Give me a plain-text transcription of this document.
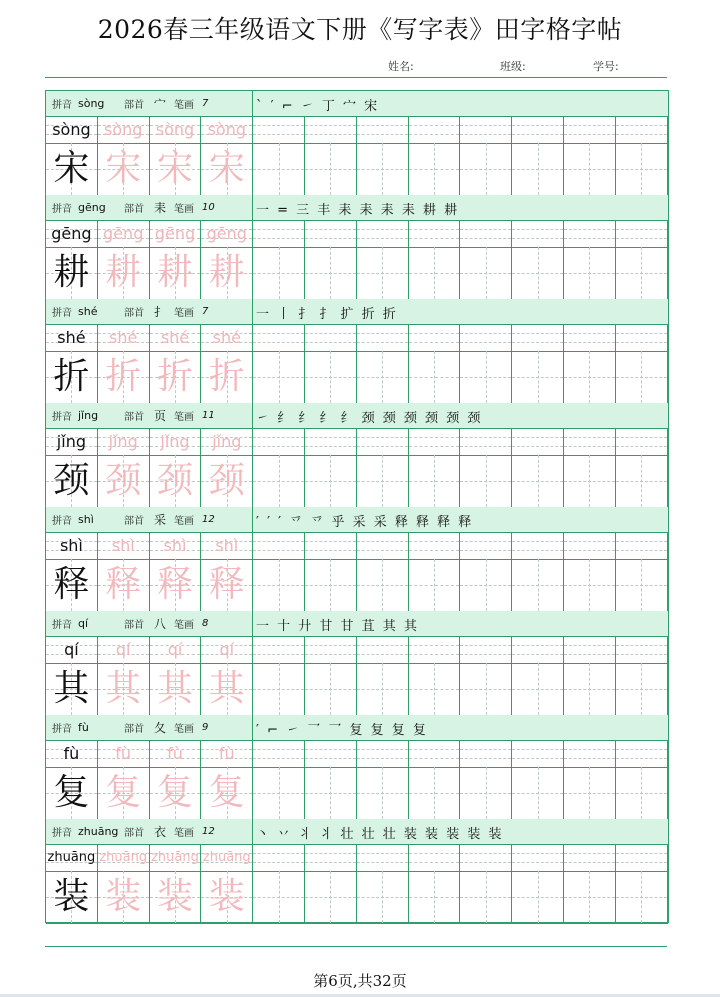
2026春三年级语文下册《写字表》田字格字帖
姓名:	班级:	学号:
拼音 sòng	部首 宀 笔画 7	` ′ ⌐ ㇀ 丁 宀 宋
sòng sòng sòng sòng
宋 宋 宋 宋
拼音 gēng	部首 耒 笔画 10	一 = 三 丰 耒 耒 耒 耒 耕 耕
gēng gēng gēng gēng
耕 耕 耕 耕
拼音 shé	部首 扌 笔画 7	一 丨 扌 扌 扩 折 折
shé	shé	shé	shé
折 折 折 折
拼音 jǐng	部首 页 笔画 11	㇀ 纟 纟 纟 纟 颈 颈 颈 颈 颈 颈
jǐng	jǐng	jǐng	jǐng
颈 颈 颈 颈
拼音 shì	部首 采 笔画 12	′ ′ ′ 乊 乊 乎 采 采 释 释 释 释
shì	shì	shì	shì
释 释 释 释
拼音 qí	部首 八 笔画 8	一 十 廾 甘 甘 苴 其 其
qí	qí	qí	qí
其 其 其 其
拼音 fù	部首 夂 笔画 9	′ ⌐ ㇀ 乛 乛 复 复 复 复
fù	fù	fù	fù
复 复 复 复
拼音 zhuāng 部首 衣 笔画 12	丶 丷 丬 丬 壮 壮 壮 装 装 装 装 装
zhuāng zhuāng zhuāng zhuāng
装 装 装 装
第6页,共32页
